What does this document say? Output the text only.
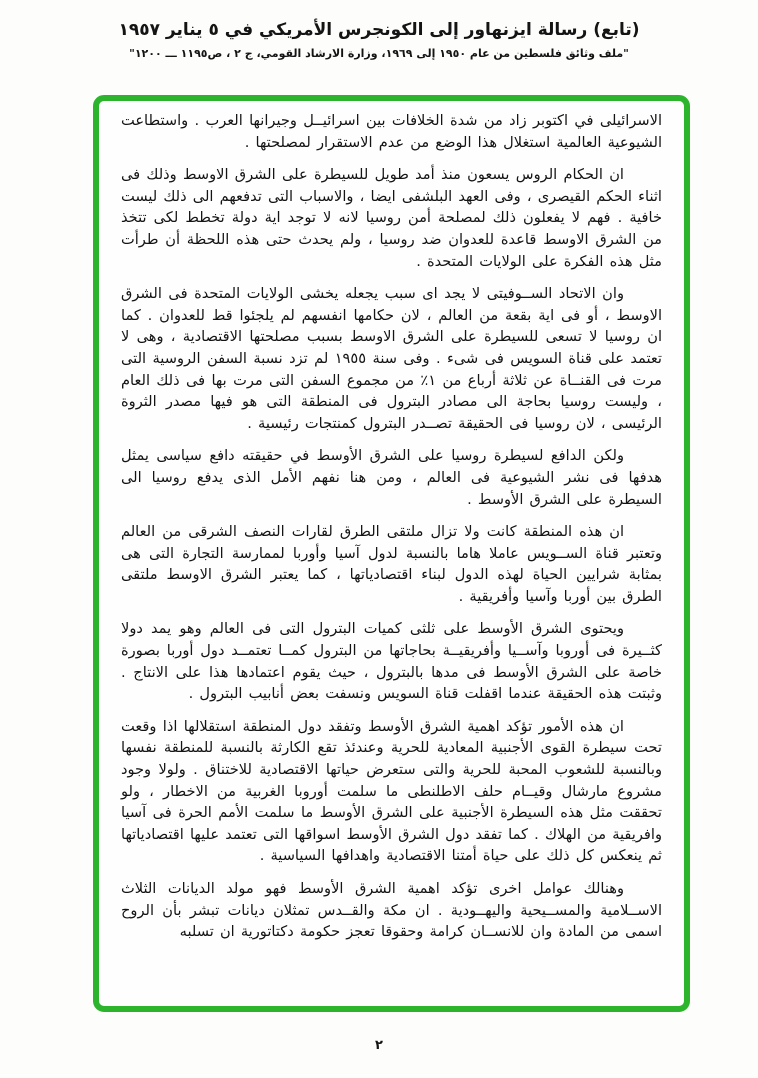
(تابع) رسالة ايزنهاور إلى الكونجرس الأمريكي في ٥ يناير ١٩٥٧
"ملف وثائق فلسطين من عام ١٩٥٠ إلى ١٩٦٩، وزارة الارشاد القومي، ج ٢ ، ص١١٩٥ ـــ ١٢٠٠"

الاسرائيلى في اكتوبر زاد من شدة الخلافات بين اسرائيــل وجيرانها العرب . واستطاعت الشيوعية العالمية استغلال هذا الوضع من عدم الاستقرار لمصلحتها .

ان الحكام الروس يسعون منذ أمد طويل للسيطرة على الشرق الاوسط وذلك فى اثناء الحكم القيصرى ، وفى العهد البلشفى ايضا ، والاسباب التى تدفعهم الى ذلك ليست خافية . فهم لا يفعلون ذلك لمصلحة أمن روسيا لانه لا توجد اية دولة تخطط لكى تتخذ من الشرق الاوسط قاعدة للعدوان ضد روسيا ، ولم يحدث حتى هذه اللحظة أن طرأت مثل هذه الفكرة على الولايات المتحدة .

وان الاتحاد الســوفيتى لا يجد اى سبب يجعله يخشى الولايات المتحدة فى الشرق الاوسط ، أو فى اية بقعة من العالم ، لان حكامها انفسهم لم يلجئوا قط للعدوان . كما ان روسيا لا تسعى للسيطرة على الشرق الاوسط بسبب مصلحتها الاقتصادية ، وهى لا تعتمد على قناة السويس فى شىء . وفى سنة ١٩٥٥ لم تزد نسبة السفن الروسية التى مرت فى القنــاة عن ثلاثة أرباع من ١٪ من مجموع السفن التى مرت بها فى ذلك العام ، وليست روسيا بحاجة الى مصادر البترول فى المنطقة التى هو فيها مصدر الثروة الرئيسى ، لان روسيا فى الحقيقة تصــدر البترول كمنتجات رئيسية .

ولكن الدافع لسيطرة روسيا على الشرق الأوسط في حقيقته دافع سياسى يمثل هدفها فى نشر الشيوعية فى العالم ، ومن هنا نفهم الأمل الذى يدفع روسيا الى السيطرة على الشرق الأوسط .

ان هذه المنطقة كانت ولا تزال ملتقى الطرق لقارات النصف الشرقى من العالم وتعتبر قناة الســويس عاملا هاما بالنسبة لدول آسيا وأوربا لممارسة التجارة التى هى بمثابة شرايين الحياة لهذه الدول لبناء اقتصادياتها ، كما يعتبر الشرق الاوسط ملتقى الطرق بين أوربا وآسيا وأفريقية .

ويحتوى الشرق الأوسط على ثلثى كميات البترول التى فى العالم وهو يمد دولا كثــيرة فى أوروبا وآســيا وأفريقيــة بحاجاتها من البترول كمــا تعتمــد دول أوربا بصورة خاصة على الشرق الأوسط فى مدها بالبترول ، حيث يقوم اعتمادها هذا على الانتاج . وثبتت هذه الحقيقة عندما اقفلت قناة السويس ونسفت بعض أنابيب البترول .

ان هذه الأمور تؤكد اهمية الشرق الأوسط وتفقد دول المنطقة استقلالها اذا وقعت تحت سيطرة القوى الأجنبية المعادية للحرية وعندئذ تقع الكارثة بالنسبة للمنطقة نفسها وبالنسبة للشعوب المحبة للحرية والتى ستعرض حياتها الاقتصادية للاختناق . ولولا وجود مشروع مارشال وقيــام حلف الاطلنطى ما سلمت أوروبا الغربية من الاخطار ، ولو تحققت مثل هذه السيطرة الأجنبية على الشرق الأوسط ما سلمت الأمم الحرة فى آسيا وافريقية من الهلاك . كما تفقد دول الشرق الأوسط اسواقها التى تعتمد عليها اقتصادياتها ثم ينعكس كل ذلك على حياة أمتنا الاقتصادية واهدافها السياسية .

وهنالك عوامل اخرى تؤكد اهمية الشرق الأوسط فهو مولد الديانات الثلاث الاســلامية والمســيحية واليهــودية . ان مكة والقــدس تمثلان ديانات تبشر بأن الروح اسمى من المادة وان للانســان كرامة وحقوقا تعجز حكومة دكتاتورية ان تسلبه

٢
